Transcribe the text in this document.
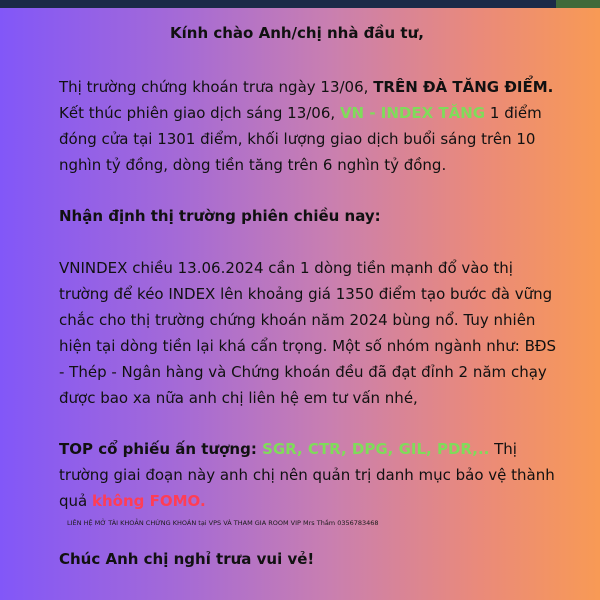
Kính chào Anh/chị nhà đầu tư,
Thị trường chứng khoán trưa ngày 13/06, TRÊN ĐÀ TĂNG ĐIỂM.
Kết thúc phiên giao dịch sáng 13/06, VN - INDEX TĂNG 1 điểm đóng cửa tại 1301 điểm, khối lượng giao dịch buổi sáng trên 10 nghìn tỷ đồng, dòng tiền tăng trên 6 nghìn tỷ đồng.
Nhận định thị trường phiên chiều nay:
VNINDEX chiều 13.06.2024 cần 1 dòng tiền mạnh đổ vào thị trường để kéo INDEX lên khoảng giá 1350 điểm tạo bước đà vững chắc cho thị trường chứng khoán năm 2024 bùng nổ. Tuy nhiên hiện tại dòng tiền lại khá cẩn trọng. Một số nhóm ngành như: BĐS - Thép - Ngân hàng và Chứng khoán đều đã đạt đỉnh 2 năm chạy được bao xa nữa anh chị liên hệ em tư vấn nhé,
TOP cổ phiếu ấn tượng: SGR, CTR, DPG, GIL, PDR,.. Thị trường giai đoạn này anh chị nên quản trị danh mục bảo vệ thành quả không FOMO.
LIÊN HỆ MỞ TÀI KHOẢN CHỨNG KHOÁN tại VPS VÀ THAM GIA ROOM VIP Mrs Thắm 0356783468
Chúc Anh chị nghỉ trưa vui vẻ!
